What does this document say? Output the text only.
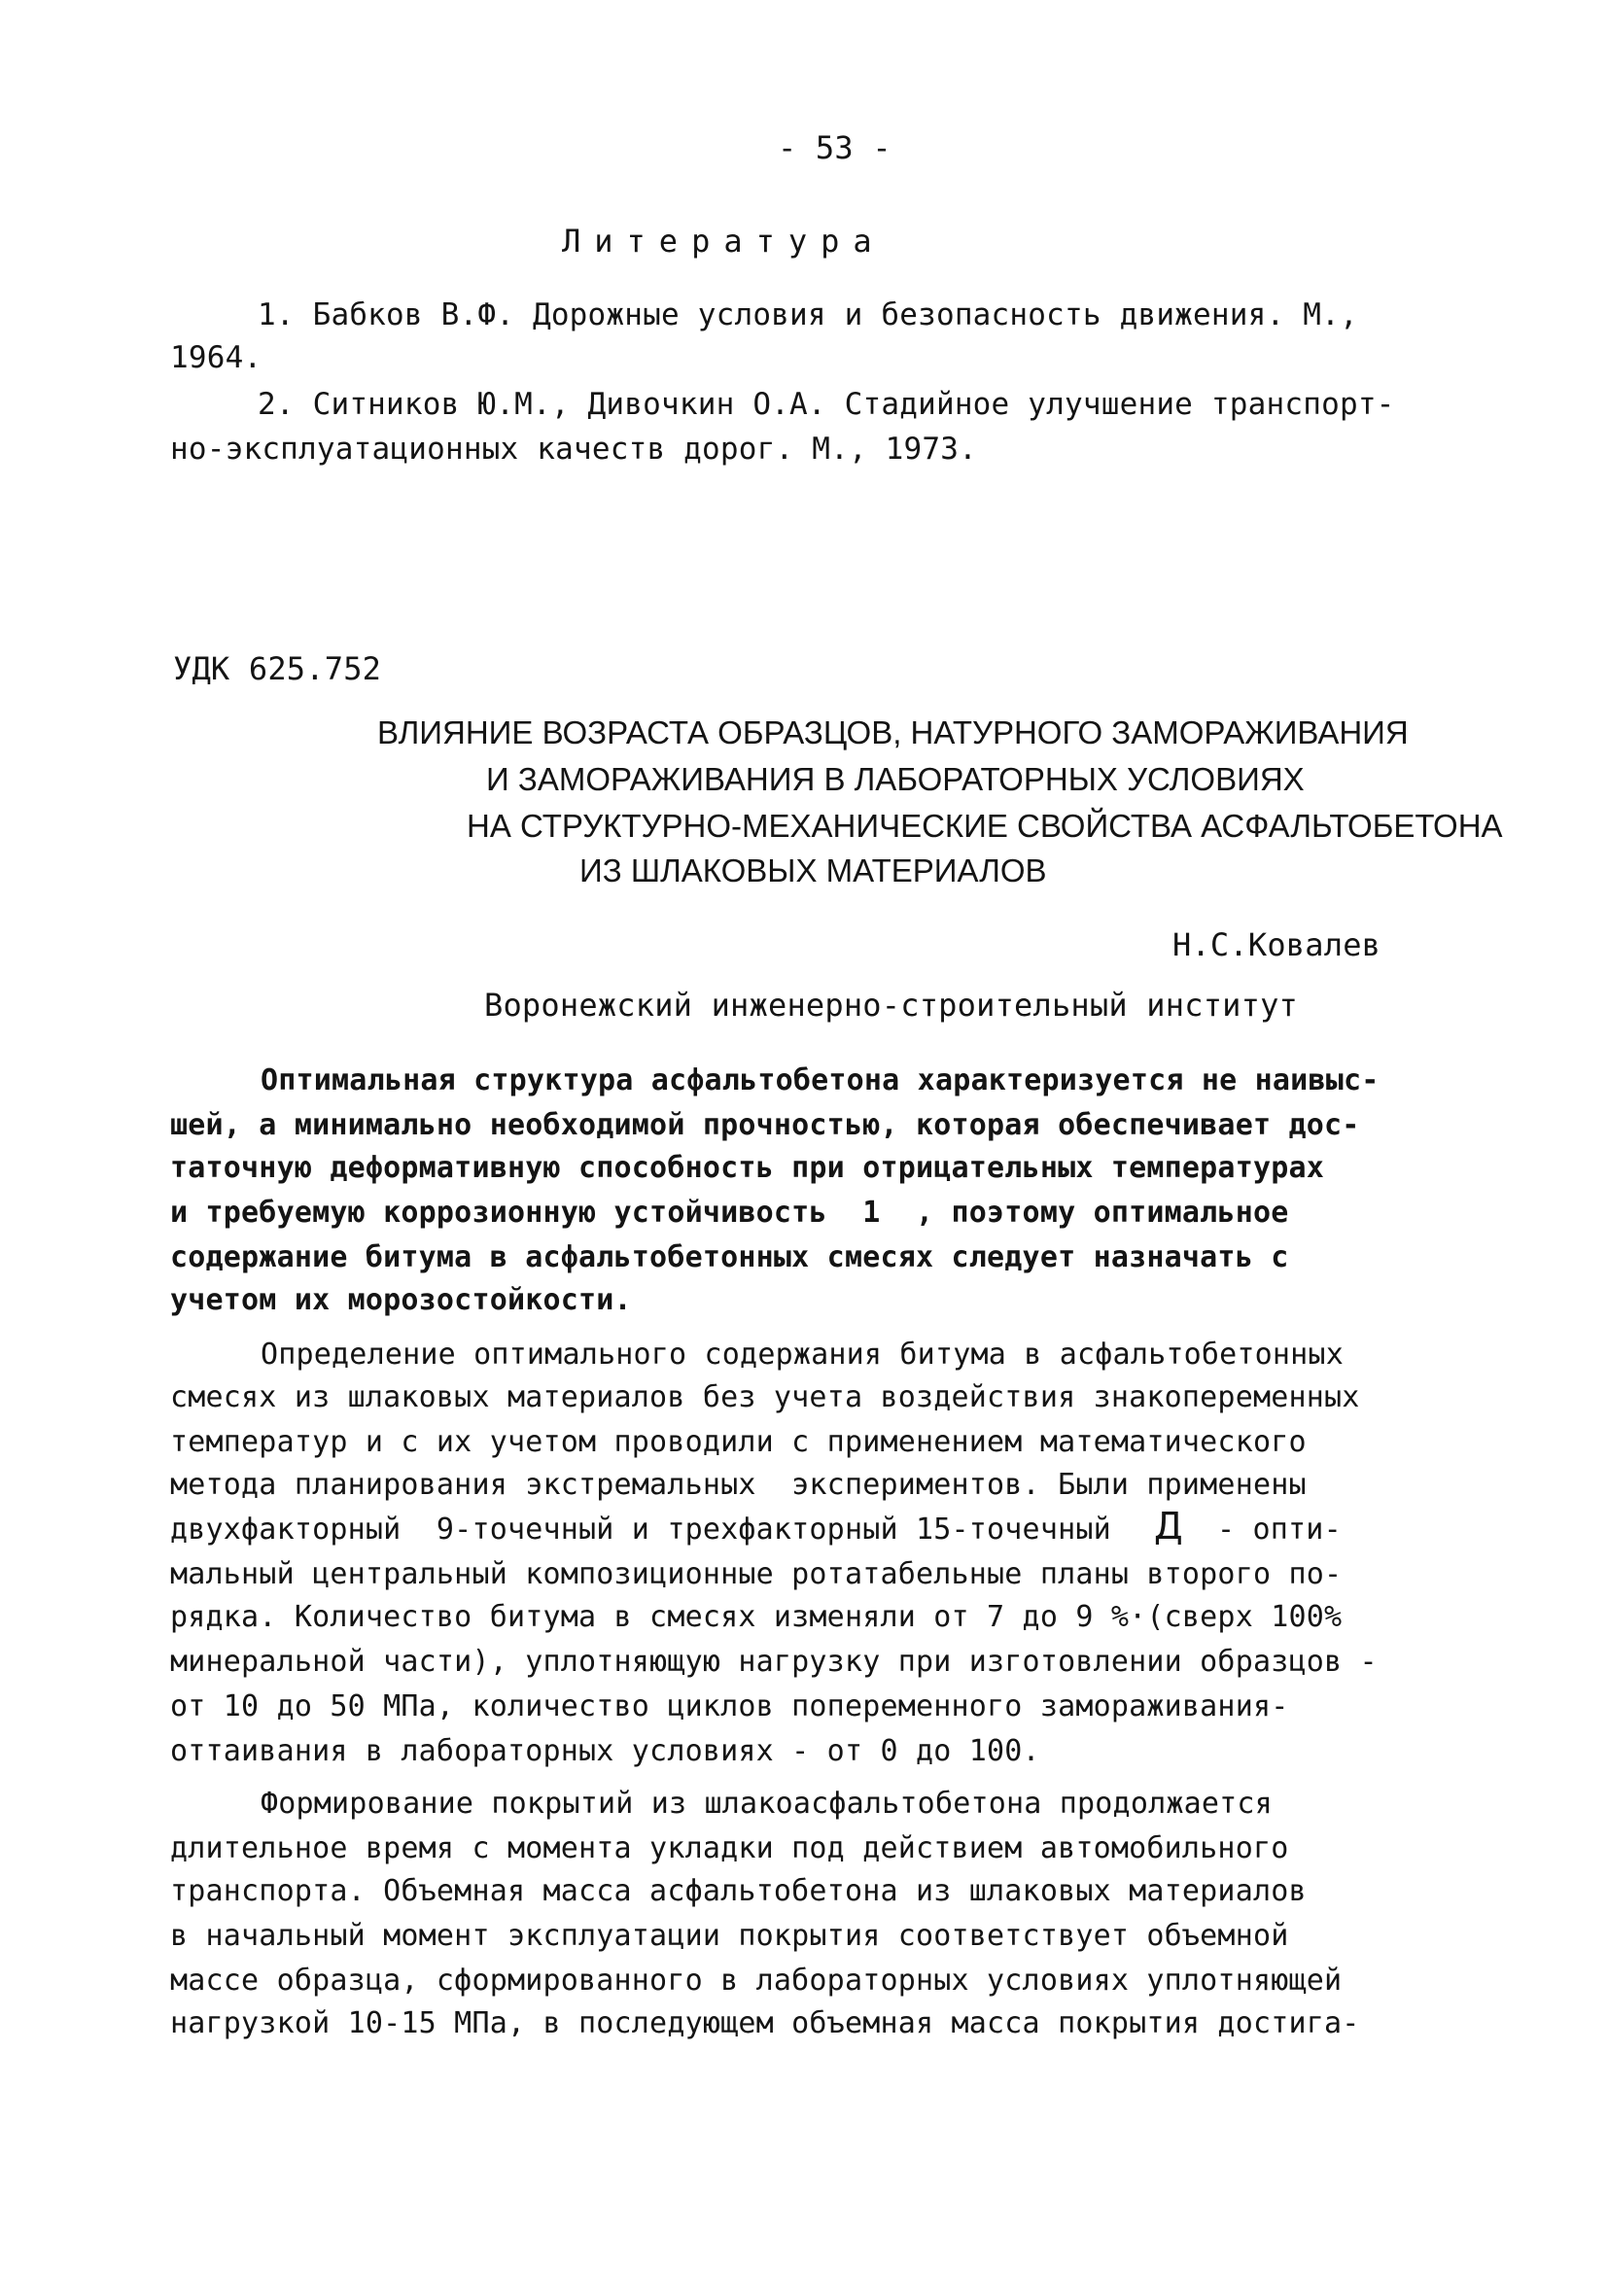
- 53 -
Литература
1. Бабков В.Ф. Дорожные условия и безопасность движения. М.,
1964.
2. Ситников Ю.М., Дивочкин О.А. Стадийное улучшение транспорт-
но-эксплуатационных качеств дорог. М., 1973.
УДК 625.752
ВЛИЯНИЕ ВОЗРАСТА ОБРАЗЦОВ, НАТУРНОГО ЗАМОРАЖИВАНИЯ
И ЗАМОРАЖИВАНИЯ В ЛАБОРАТОРНЫХ УСЛОВИЯХ
НА СТРУКТУРНО-МЕХАНИЧЕСКИЕ СВОЙСТВА АСФАЛЬТОБЕТОНА
ИЗ ШЛАКОВЫХ МАТЕРИАЛОВ
Н.С.Ковалев
Воронежский инженерно-строительный институт
Оптимальная структура асфальтобетона характеризуется не наивыс-
шей, а минимально необходимой прочностью, которая обеспечивает дос-
таточную деформативную способность при отрицательных температурах
и требуемую коррозионную устойчивость  1  , поэтому оптимальное
содержание битума в асфальтобетонных смесях следует назначать с
учетом их морозостойкости.
Определение оптимального содержания битума в асфальтобетонных
смесях из шлаковых материалов без учета воздействия знакопеременных
температур и с их учетом проводили с применением математического
метода планирования экстремальных  экспериментов. Были применены
двухфакторный  9-точечный и трехфакторный 15-точечный Д - опти-
мальный центральный композиционные ротатабельные планы второго по-
рядка. Количество битума в смесях изменяли от 7 до 9 %·(сверх 100%
минеральной части), уплотняющую нагрузку при изготовлении образцов -
от 10 до 50 МПа, количество циклов попеременного замораживания-
оттаивания в лабораторных условиях - от 0 до 100.
Формирование покрытий из шлакоасфальтобетона продолжается
длительное время с момента укладки под действием автомобильного
транспорта. Объемная масса асфальтобетона из шлаковых материалов
в начальный момент эксплуатации покрытия соответствует объемной
массе образца, сформированного в лабораторных условиях уплотняющей
нагрузкой 10-15 МПа, в последующем объемная масса покрытия достига-
